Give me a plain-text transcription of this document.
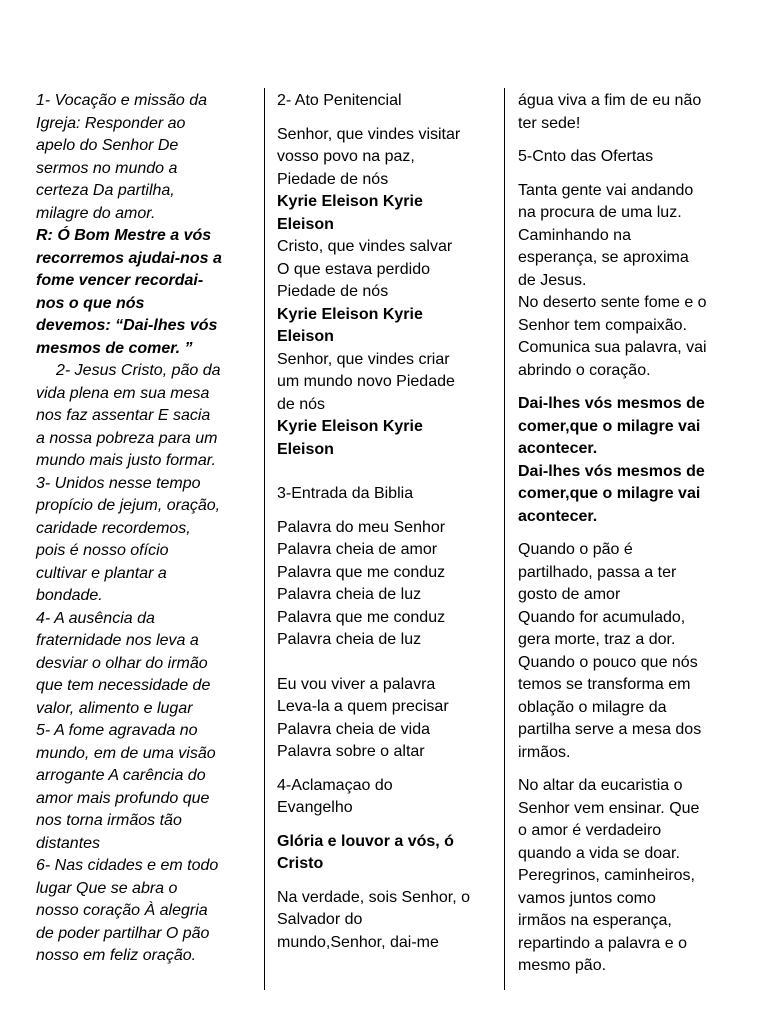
1- Vocação e missão da
Igreja: Responder ao
apelo do Senhor De
sermos no mundo a
certeza Da partilha,
milagre do amor.

R: Ó Bom Mestre a vós
recorremos ajudai-nos a
fome vencer recordai-
nos o que nós
devemos: “Dai-lhes vós
mesmos de comer. ”

2- Jesus Cristo, pão da
vida plena em sua mesa
nos faz assentar E sacia
a nossa pobreza para um
mundo mais justo formar.

3- Unidos nesse tempo
propício de jejum, oração,
caridade recordemos,
pois é nosso ofício
cultivar e plantar a
bondade.

4- A ausência da
fraternidade nos leva a
desviar o olhar do irmão
que tem necessidade de
valor, alimento e lugar

5- A fome agravada no
mundo, em de uma visão
arrogante A carência do
amor mais profundo que
nos torna irmãos tão
distantes

6- Nas cidades e em todo
lugar Que se abra o
nosso coração À alegria
de poder partilhar O pão
nosso em feliz oração.

2- Ato Penitencial

Senhor, que vindes visitar
vosso povo na paz,
Piedade de nós

Kyrie Eleison Kyrie
Eleison

Cristo, que vindes salvar
O que estava perdido
Piedade de nós

Kyrie Eleison Kyrie
Eleison

Senhor, que vindes criar
um mundo novo Piedade
de nós

Kyrie Eleison Kyrie
Eleison

3-Entrada da Biblia

Palavra do meu Senhor
Palavra cheia de amor
Palavra que me conduz
Palavra cheia de luz
Palavra que me conduz
Palavra cheia de luz

Eu vou viver a palavra
Leva-la a quem precisar
Palavra cheia de vida
Palavra sobre o altar

4-Aclamaçao do
Evangelho

Glória e louvor a vós, ó
Cristo

Na verdade, sois Senhor, o
Salvador do
mundo,Senhor, dai-me

água viva a fim de eu não
ter sede!

5-Cnto das Ofertas

Tanta gente vai andando
na procura de uma luz.
Caminhando na
esperança, se aproxima
de Jesus.
No deserto sente fome e o
Senhor tem compaixão.
Comunica sua palavra, vai
abrindo o coração.

Dai-lhes vós mesmos de
comer,que o milagre vai
acontecer.
Dai-lhes vós mesmos de
comer,que o milagre vai
acontecer.

Quando o pão é
partilhado, passa a ter
gosto de amor
Quando for acumulado,
gera morte, traz a dor.
Quando o pouco que nós
temos se transforma em
oblação o milagre da
partilha serve a mesa dos
irmãos.

No altar da eucaristia o
Senhor vem ensinar. Que
o amor é verdadeiro
quando a vida se doar.
Peregrinos, caminheiros,
vamos juntos como
irmãos na esperança,
repartindo a palavra e o
mesmo pão.
